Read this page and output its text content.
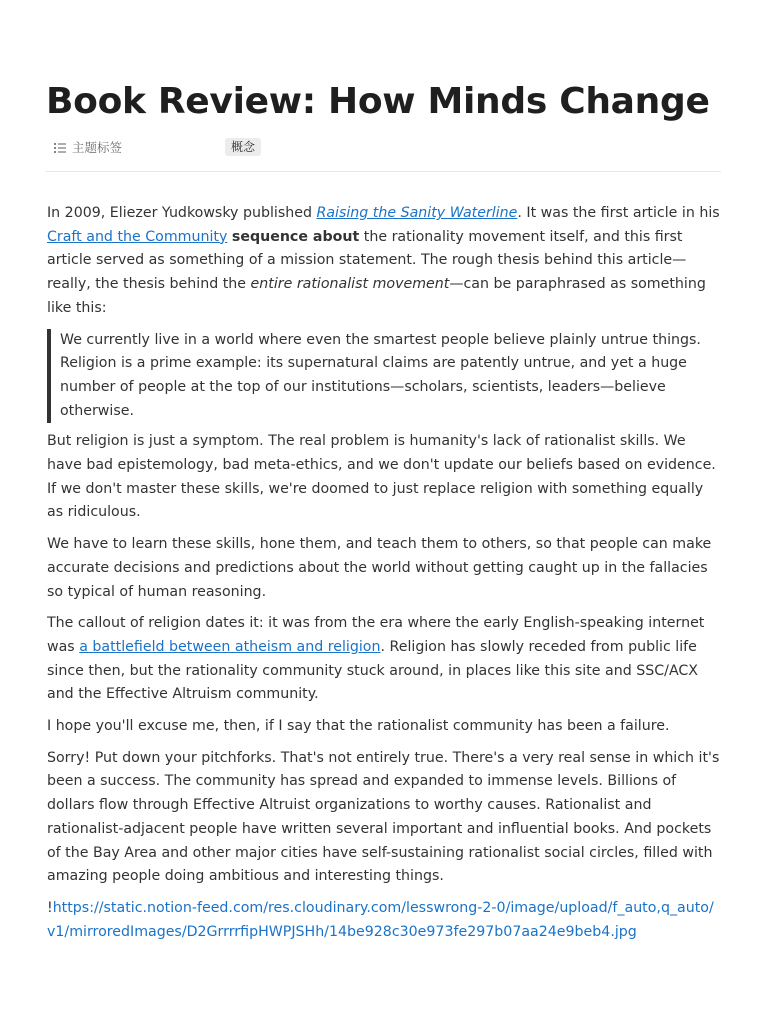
Book Review: How Minds Change
主题标签	概念

In 2009, Eliezer Yudkowsky published Raising the Sanity Waterline. It was the first article in his Craft and the Community sequence about the rationality movement itself, and this first article served as something of a mission statement. The rough thesis behind this article—really, the thesis behind the entire rationalist movement—can be paraphrased as something like this:

We currently live in a world where even the smartest people believe plainly untrue things. Religion is a prime example: its supernatural claims are patently untrue, and yet a huge number of people at the top of our institutions—scholars, scientists, leaders—believe otherwise.

But religion is just a symptom. The real problem is humanity's lack of rationalist skills. We have bad epistemology, bad meta-ethics, and we don't update our beliefs based on evidence. If we don't master these skills, we're doomed to just replace religion with something equally as ridiculous.

We have to learn these skills, hone them, and teach them to others, so that people can make accurate decisions and predictions about the world without getting caught up in the fallacies so typical of human reasoning.

The callout of religion dates it: it was from the era where the early English-speaking internet was a battlefield between atheism and religion. Religion has slowly receded from public life since then, but the rationality community stuck around, in places like this site and SSC/ACX and the Effective Altruism community.

I hope you'll excuse me, then, if I say that the rationalist community has been a failure.

Sorry! Put down your pitchforks. That's not entirely true. There's a very real sense in which it's been a success. The community has spread and expanded to immense levels. Billions of dollars flow through Effective Altruist organizations to worthy causes. Rationalist and rationalist-adjacent people have written several important and influential books. And pockets of the Bay Area and other major cities have self-sustaining rationalist social circles, filled with amazing people doing ambitious and interesting things.

!https://static.notion-feed.com/res.cloudinary.com/lesswrong-2-0/image/upload/f_auto,q_auto/v1/mirroredImages/D2GrrrrfipHWPJSHh/14be928c30e973fe297b07aa24e9beb4.jpg
